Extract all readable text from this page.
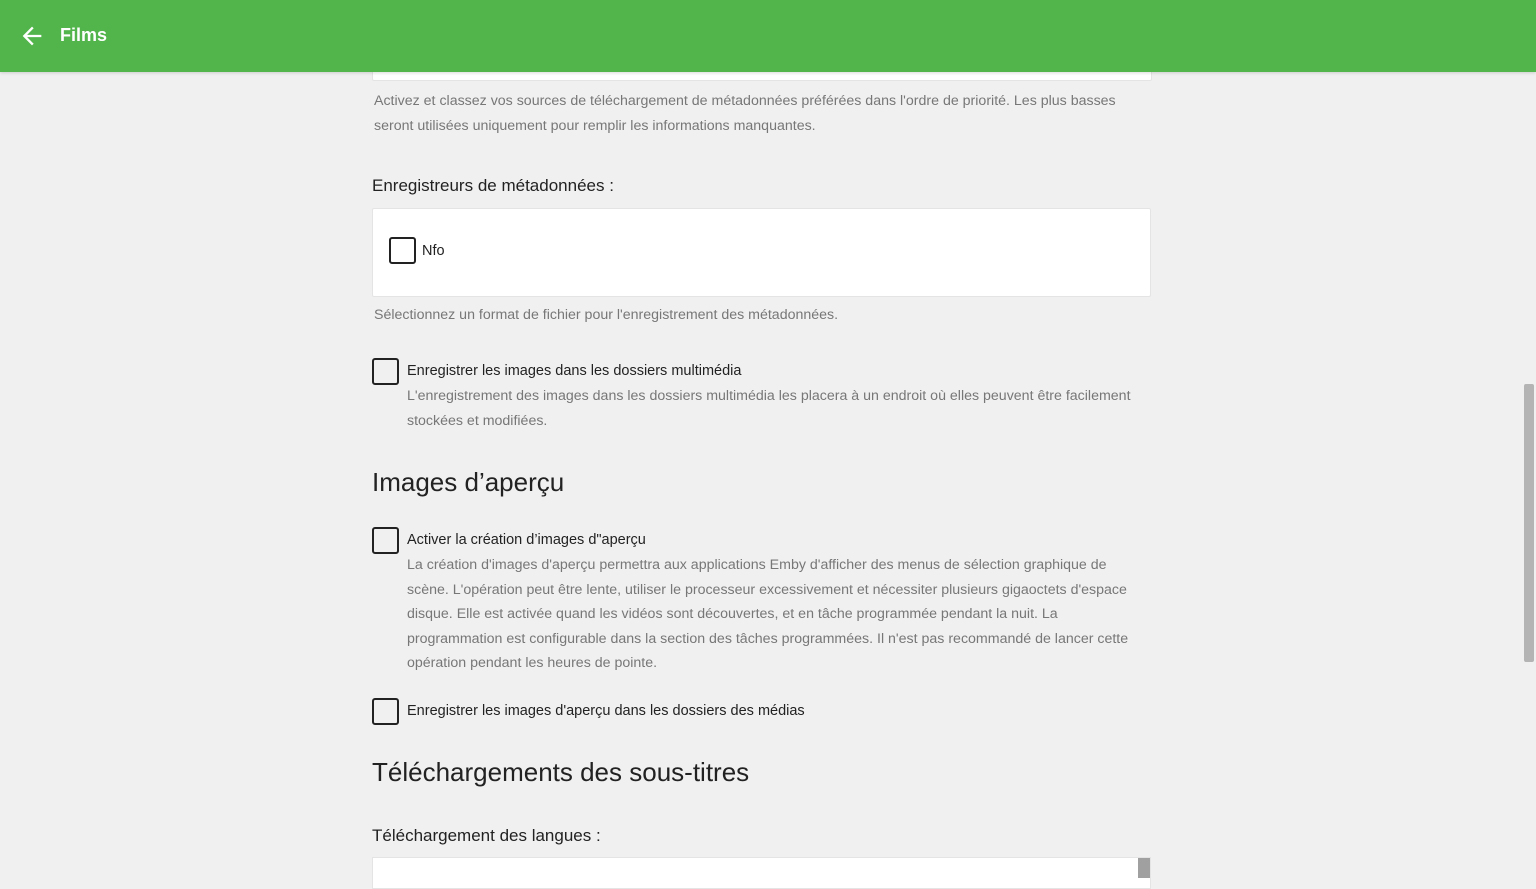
Films
Activez et classez vos sources de téléchargement de métadonnées préférées dans l'ordre de priorité. Les plus basses seront utilisées uniquement pour remplir les informations manquantes.
Enregistreurs de métadonnées :
Nfo
Sélectionnez un format de fichier pour l'enregistrement des métadonnées.
Enregistrer les images dans les dossiers multimédia
L'enregistrement des images dans les dossiers multimédia les placera à un endroit où elles peuvent être facilement stockées et modifiées.
Images d’aperçu
Activer la création d’images d"aperçu
La création d'images d'aperçu permettra aux applications Emby d'afficher des menus de sélection graphique de scène. L'opération peut être lente, utiliser le processeur excessivement et nécessiter plusieurs gigaoctets d'espace disque. Elle est activée quand les vidéos sont découvertes, et en tâche programmée pendant la nuit. La programmation est configurable dans la section des tâches programmées. Il n'est pas recommandé de lancer cette opération pendant les heures de pointe.
Enregistrer les images d'aperçu dans les dossiers des médias
Téléchargements des sous-titres
Téléchargement des langues :
